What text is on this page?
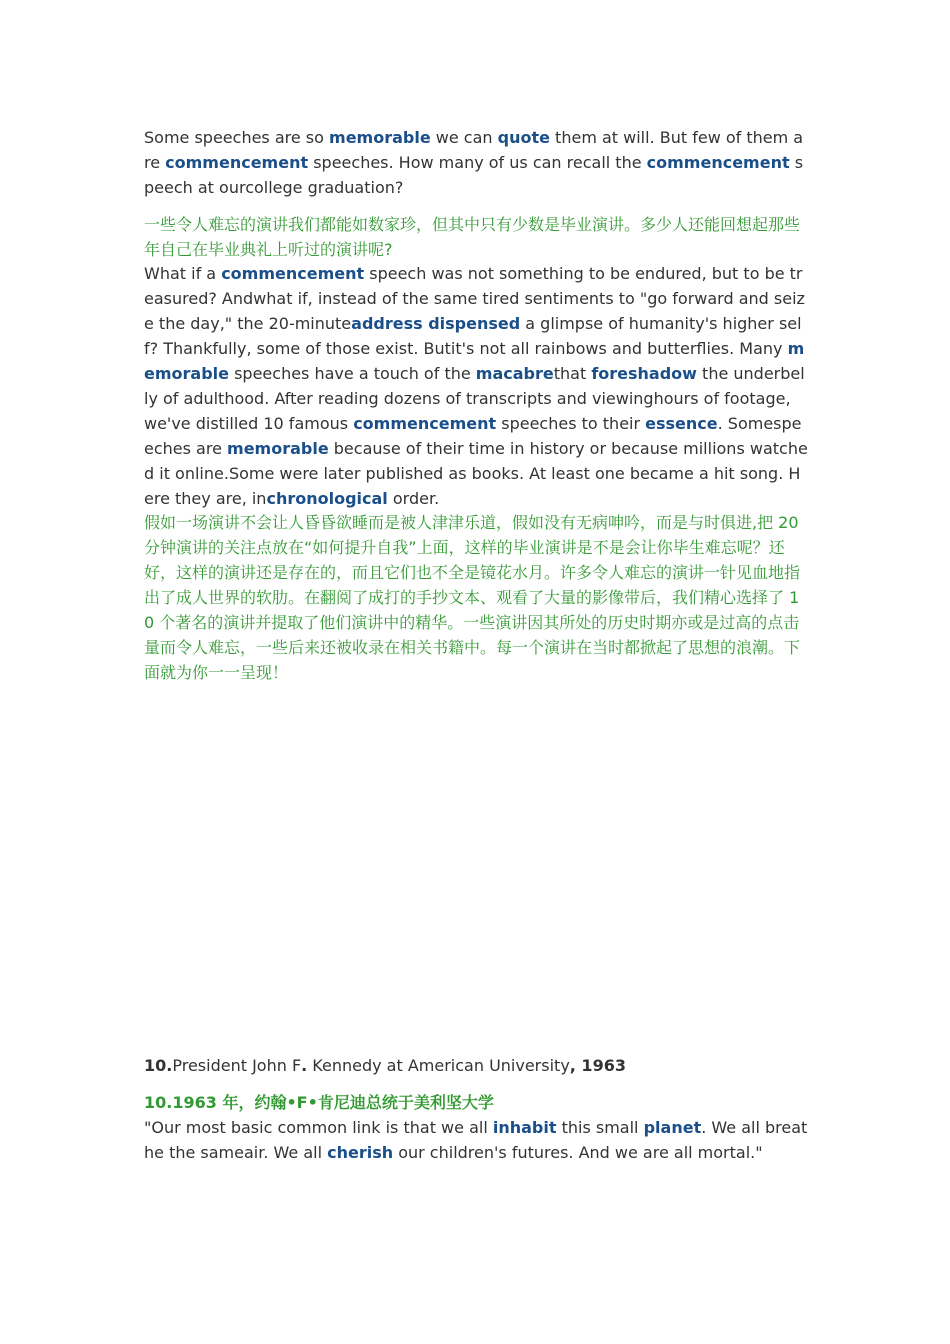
Some speeches are so memorable we can quote them at will. But few of them are commencement speeches. How many of us can recall the commencement speech at ourcollege graduation?

一些令人难忘的演讲我们都能如数家珍，但其中只有少数是毕业演讲。多少人还能回想起那些年自己在毕业典礼上听过的演讲呢?

What if a commencement speech was not something to be endured, but to be treasured? Andwhat if, instead of the same tired sentiments to "go forward and seize the day," the 20-minuteaddress dispensed a glimpse of humanity's higher self? Thankfully, some of those exist. Butit's not all rainbows and butterflies. Many memorable speeches have a touch of the macabrethat foreshadow the underbelly of adulthood. After reading dozens of transcripts and viewinghours of footage, we've distilled 10 famous commencement speeches to their essence. Somespeeches are memorable because of their time in history or because millions watched it online.Some were later published as books. At least one became a hit song. Here they are, inchronological order.

假如一场演讲不会让人昏昏欲睡而是被人津津乐道，假如没有无病呻吟，而是与时俱进,把 20 分钟演讲的关注点放在“如何提升自我”上面，这样的毕业演讲是不是会让你毕生难忘呢？还好，这样的演讲还是存在的，而且它们也不全是镜花水月。许多令人难忘的演讲一针见血地指出了成人世界的软肋。在翻阅了成打的手抄文本、观看了大量的影像带后，我们精心选择了 10 个著名的演讲并提取了他们演讲中的精华。一些演讲因其所处的历史时期亦或是过高的点击量而令人难忘，一些后来还被收录在相关书籍中。每一个演讲在当时都掀起了思想的浪潮。下面就为你一一呈现！

10.President John F. Kennedy at American University, 1963

10.1963 年，约翰•F•肯尼迪总统于美利坚大学

"Our most basic common link is that we all inhabit this small planet. We all breathe the sameair. We all cherish our children's futures. And we are all mortal."
